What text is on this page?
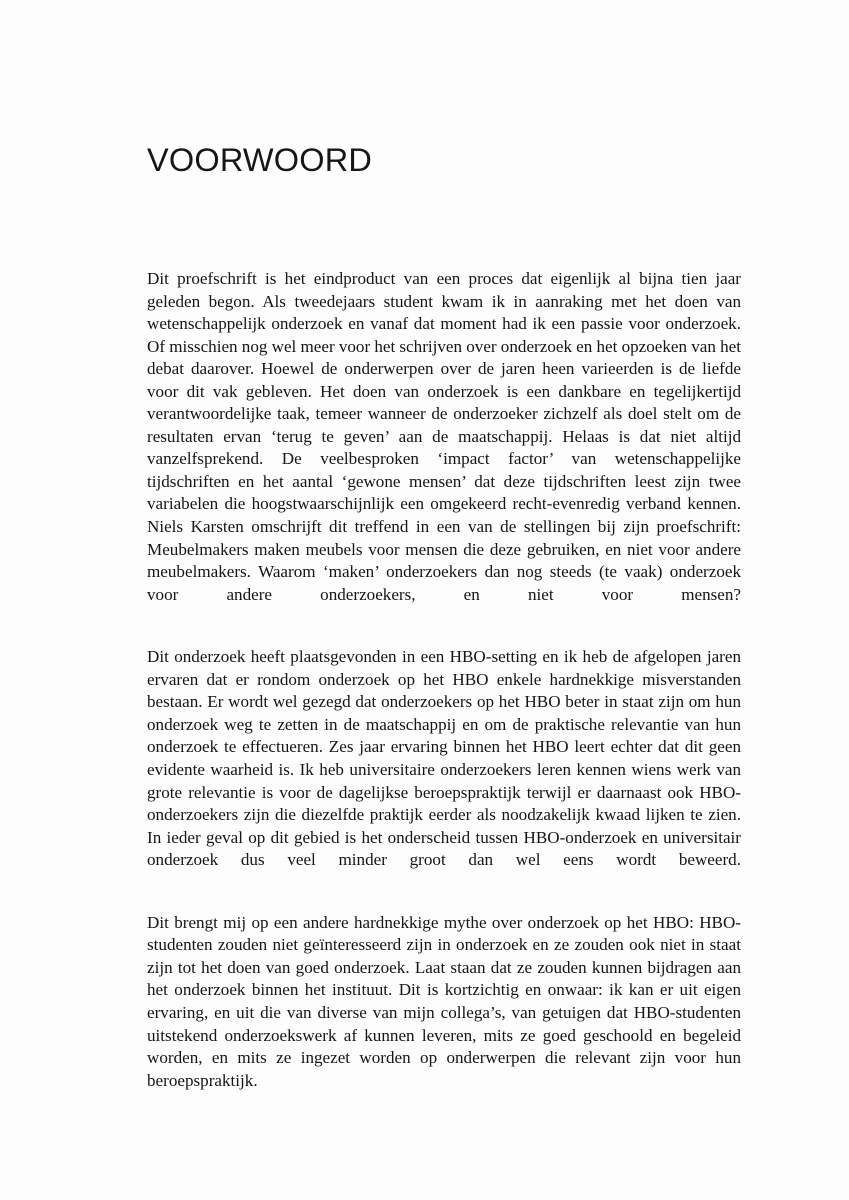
VOORWOORD

Dit proefschrift is het eindproduct van een proces dat eigenlijk al bijna tien jaar geleden begon. Als tweedejaars student kwam ik in aanraking met het doen van wetenschappelijk onderzoek en vanaf dat moment had ik een passie voor onderzoek. Of misschien nog wel meer voor het schrijven over onderzoek en het opzoeken van het debat daarover. Hoewel de onderwerpen over de jaren heen varieerden is de liefde voor dit vak gebleven. Het doen van onderzoek is een dankbare en tegelijkertijd verantwoordelijke taak, temeer wanneer de onderzoeker zichzelf als doel stelt om de resultaten ervan ‘terug te geven’ aan de maatschappij. Helaas is dat niet altijd vanzelfsprekend. De veelbesproken ‘impact factor’ van wetenschappelijke tijdschriften en het aantal ‘gewone mensen’ dat deze tijdschriften leest zijn twee variabelen die hoogstwaarschijnlijk een omgekeerd recht-evenredig verband kennen. Niels Karsten omschrijft dit treffend in een van de stellingen bij zijn proefschrift: Meubelmakers maken meubels voor mensen die deze gebruiken, en niet voor andere meubelmakers. Waarom ‘maken’ onderzoekers dan nog steeds (te vaak) onderzoek voor andere onderzoekers, en niet voor mensen?

Dit onderzoek heeft plaatsgevonden in een HBO-setting en ik heb de afgelopen jaren ervaren dat er rondom onderzoek op het HBO enkele hardnekkige misverstanden bestaan. Er wordt wel gezegd dat onderzoekers op het HBO beter in staat zijn om hun onderzoek weg te zetten in de maatschappij en om de praktische relevantie van hun onderzoek te effectueren. Zes jaar ervaring binnen het HBO leert echter dat dit geen evidente waarheid is. Ik heb universitaire onderzoekers leren kennen wiens werk van grote relevantie is voor de dagelijkse beroepspraktijk terwijl er daarnaast ook HBO-onderzoekers zijn die diezelfde praktijk eerder als noodzakelijk kwaad lijken te zien. In ieder geval op dit gebied is het onderscheid tussen HBO-onderzoek en universitair onderzoek dus veel minder groot dan wel eens wordt beweerd.

Dit brengt mij op een andere hardnekkige mythe over onderzoek op het HBO: HBO-studenten zouden niet geïnteresseerd zijn in onderzoek en ze zouden ook niet in staat zijn tot het doen van goed onderzoek. Laat staan dat ze zouden kunnen bijdragen aan het onderzoek binnen het instituut. Dit is kortzichtig en onwaar: ik kan er uit eigen ervaring, en uit die van diverse van mijn collega’s, van getuigen dat HBO-studenten uitstekend onderzoekswerk af kunnen leveren, mits ze goed geschoold en begeleid worden, en mits ze ingezet worden op onderwerpen die relevant zijn voor hun beroepspraktijk.
